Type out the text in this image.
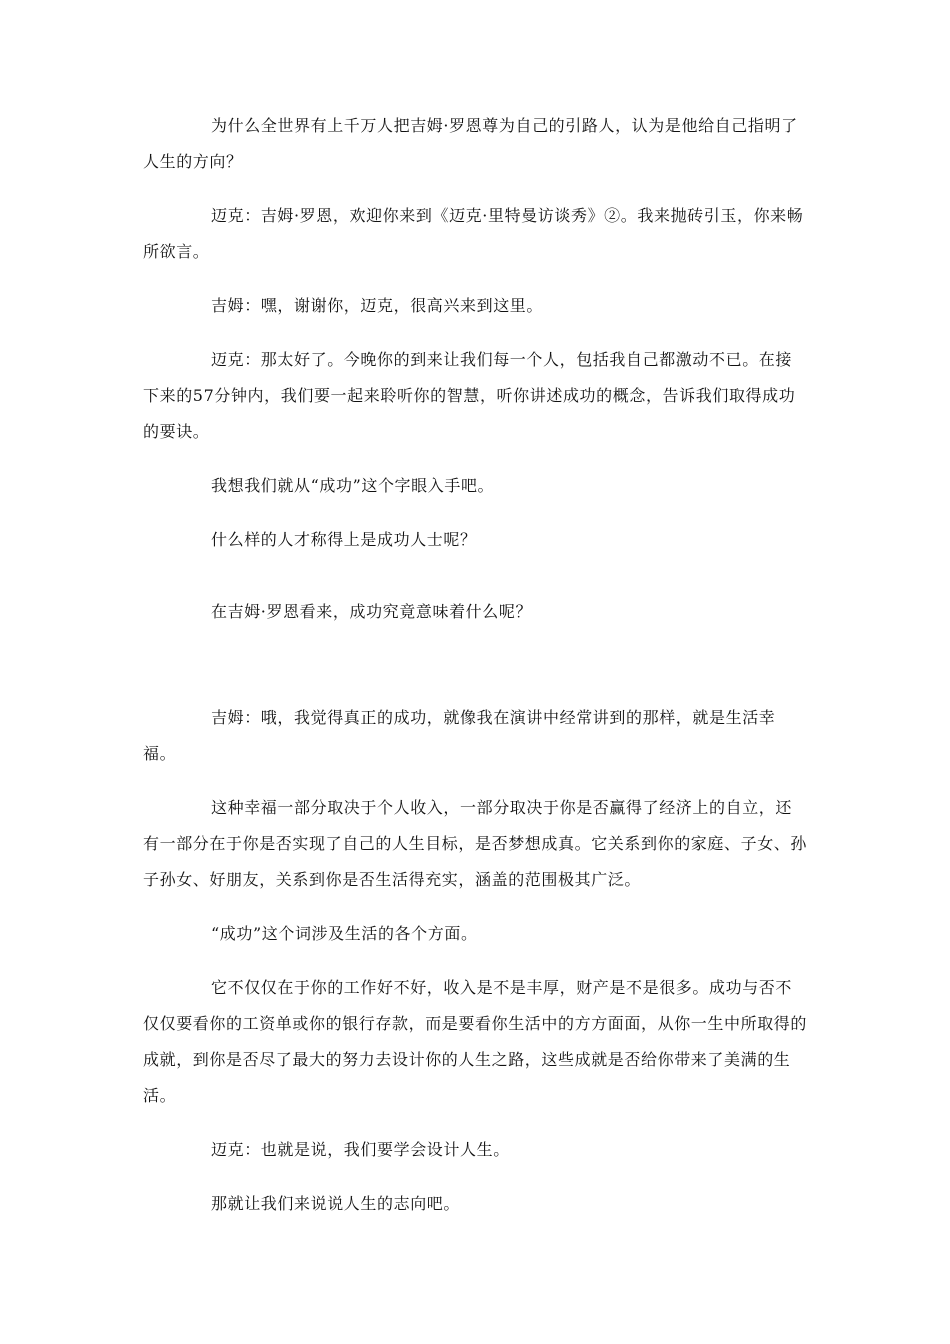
为什么全世界有上千万人把吉姆·罗恩尊为自己的引路人，认为是他给自己指明了人生的方向？

迈克：吉姆·罗恩，欢迎你来到《迈克·里特曼访谈秀》②。我来抛砖引玉，你来畅所欲言。

吉姆：嘿，谢谢你，迈克，很高兴来到这里。

迈克：那太好了。今晚你的到来让我们每一个人，包括我自己都激动不已。在接下来的57分钟内，我们要一起来聆听你的智慧，听你讲述成功的概念，告诉我们取得成功的要诀。

我想我们就从“成功”这个字眼入手吧。

什么样的人才称得上是成功人士呢？

在吉姆·罗恩看来，成功究竟意味着什么呢？

吉姆：哦，我觉得真正的成功，就像我在演讲中经常讲到的那样，就是生活幸福。

这种幸福一部分取决于个人收入，一部分取决于你是否赢得了经济上的自立，还有一部分在于你是否实现了自己的人生目标，是否梦想成真。它关系到你的家庭、子女、孙子孙女、好朋友，关系到你是否生活得充实，涵盖的范围极其广泛。

“成功”这个词涉及生活的各个方面。

它不仅仅在于你的工作好不好，收入是不是丰厚，财产是不是很多。成功与否不仅仅要看你的工资单或你的银行存款，而是要看你生活中的方方面面，从你一生中所取得的成就，到你是否尽了最大的努力去设计你的人生之路，这些成就是否给你带来了美满的生活。

迈克：也就是说，我们要学会设计人生。

那就让我们来说说人生的志向吧。
